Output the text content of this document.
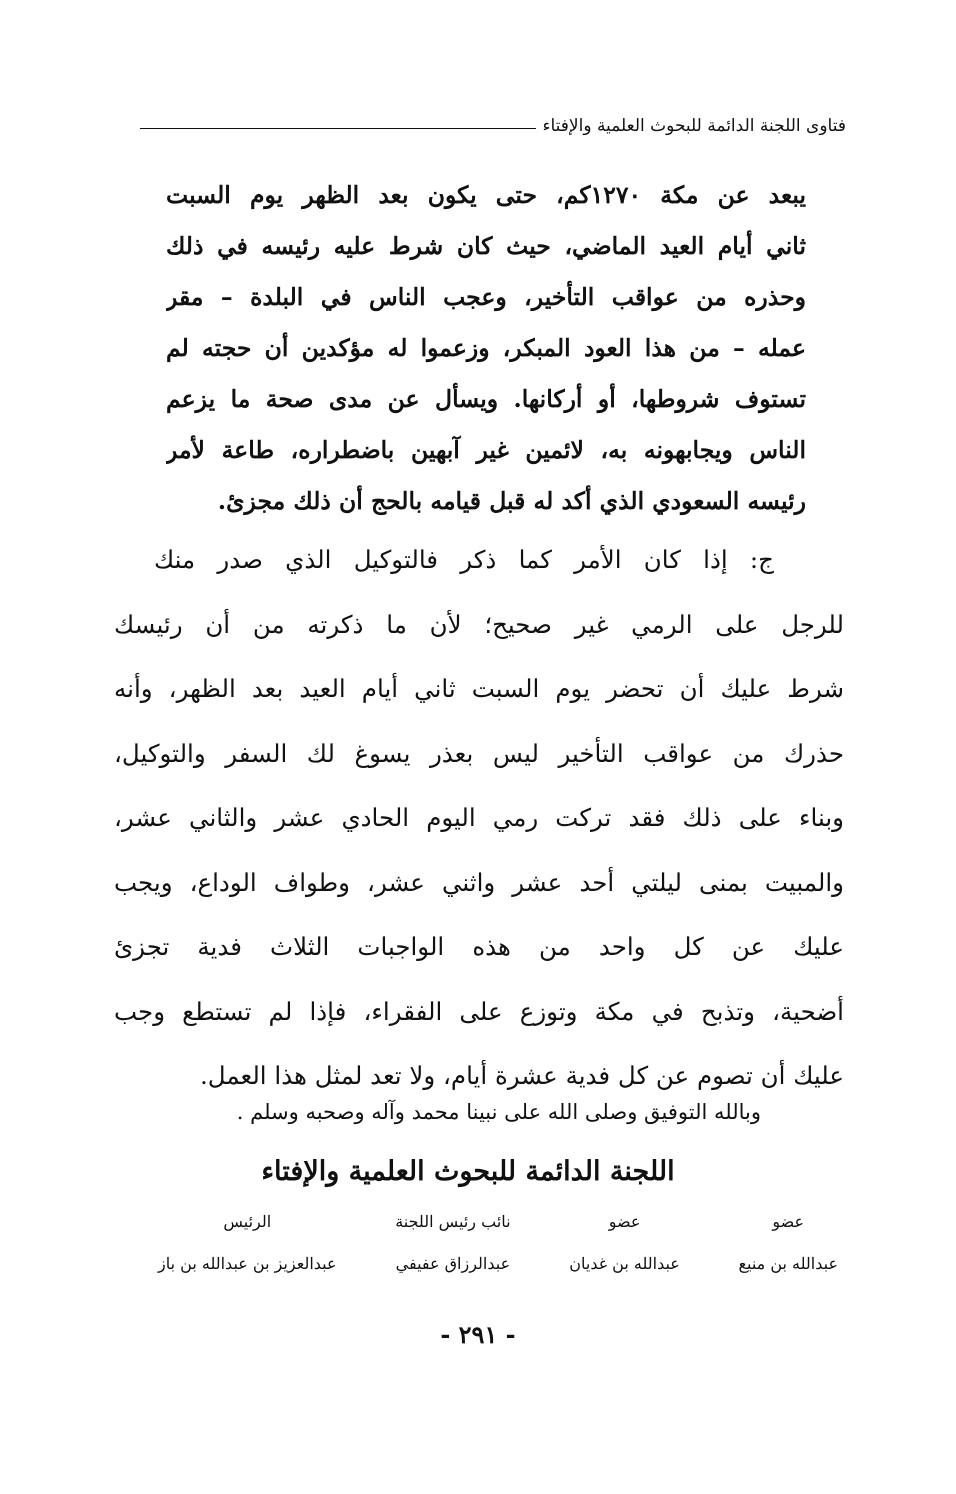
فتاوى اللجنة الدائمة للبحوث العلمية والإفتاء
يبعد عن مكة ١٢٧٠كم، حتى يكون بعد الظهر يوم السبت
ثاني أيام العيد الماضي، حيث كان شرط عليه رئيسه في ذلك
وحذره من عواقب التأخير، وعجب الناس في البلدة – مقر
عمله – من هذا العود المبكر، وزعموا له مؤكدين أن حجته لم
تستوف شروطها، أو أركانها. ويسأل عن مدى صحة ما يزعم
الناس ويجابهونه به، لائمين غير آبهين باضطراره، طاعة لأمر
رئيسه السعودي الذي أكد له قبل قيامه بالحج أن ذلك مجزئ.
ج: إذا كان الأمر كما ذكر فالتوكيل الذي صدر منك
للرجل على الرمي غير صحيح؛ لأن ما ذكرته من أن رئيسك
شرط عليك أن تحضر يوم السبت ثاني أيام العيد بعد الظهر، وأنه
حذرك من عواقب التأخير ليس بعذر يسوغ لك السفر والتوكيل،
وبناء على ذلك فقد تركت رمي اليوم الحادي عشر والثاني عشر،
والمبيت بمنى ليلتي أحد عشر واثني عشر، وطواف الوداع، ويجب
عليك عن كل واحد من هذه الواجبات الثلاث فدية تجزئ
أضحية، وتذبح في مكة وتوزع على الفقراء، فإذا لم تستطع وجب
عليك أن تصوم عن كل فدية عشرة أيام، ولا تعد لمثل هذا العمل.
وبالله التوفيق وصلى الله على نبينا محمد وآله وصحبه وسلم .
اللجنة الدائمة للبحوث العلمية والإفتاء
عضو
عبدالله بن منيع
عضو
عبدالله بن غديان
نائب رئيس اللجنة
عبدالرزاق عفيفي
الرئيس
عبدالعزيز بن عبدالله بن باز
- ٢٩١ -
